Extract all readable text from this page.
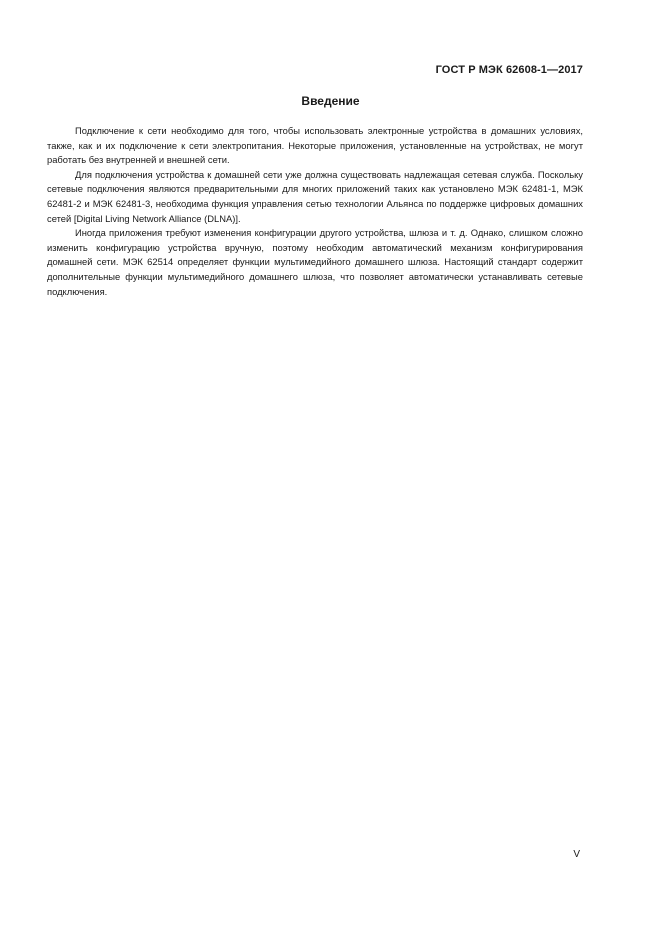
ГОСТ Р МЭК 62608-1—2017
Введение

Подключение к сети необходимо для того, чтобы использовать электронные устройства в домашних условиях, также, как и их подключение к сети электропитания. Некоторые приложения, установленные на устройствах, не могут работать без внутренней и внешней сети.

Для подключения устройства к домашней сети уже должна существовать надлежащая сетевая служба. Поскольку сетевые подключения являются предварительными для многих приложений таких как установлено МЭК 62481-1, МЭК 62481-2 и МЭК 62481-3, необходима функция управления сетью технологии Альянса по поддержке цифровых домашних сетей [Digital Living Network Alliance (DLNA)].

Иногда приложения требуют изменения конфигурации другого устройства, шлюза и т. д. Однако, слишком сложно изменить конфигурацию устройства вручную, поэтому необходим автоматический механизм конфигурирования домашней сети. МЭК 62514 определяет функции мультимедийного домашнего шлюза. Настоящий стандарт содержит дополнительные функции мультимедийного домашнего шлюза, что позволяет автоматически устанавливать сетевые подключения.

V
